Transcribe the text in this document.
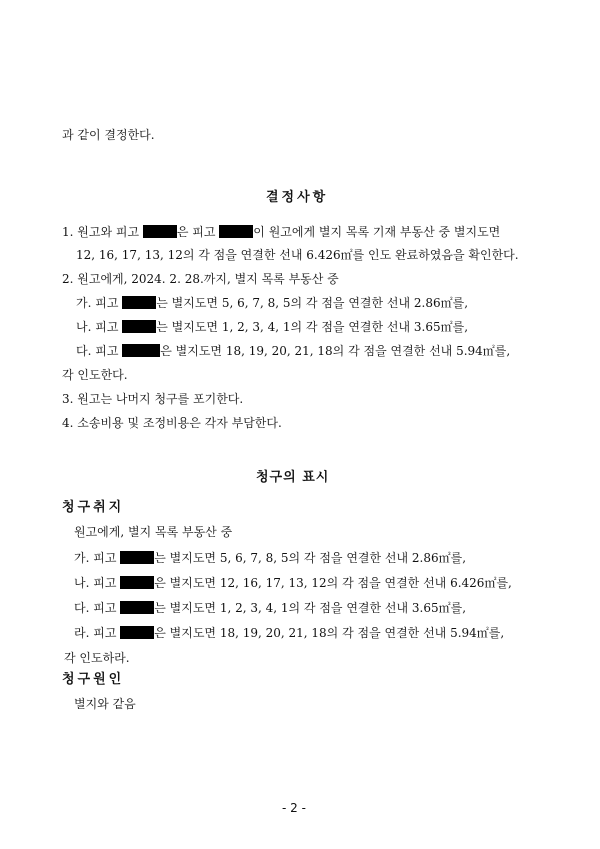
과 같이 결정한다.
결정사항
1. 원고와 피고	은 피고	이 원고에게 별지 목록 기재 부동산 중 별지도면
12, 16, 17, 13, 12의 각 점을 연결한 선내 6.426㎡를 인도 완료하였음을 확인한다.
2. 원고에게, 2024. 2. 28.까지, 별지 목록 부동산 중
가. 피고	는 별지도면 5, 6, 7, 8, 5의 각 점을 연결한 선내 2.86㎡를,
나. 피고	는 별지도면 1, 2, 3, 4, 1의 각 점을 연결한 선내 3.65㎡를,
다. 피고	은 별지도면 18, 19, 20, 21, 18의 각 점을 연결한 선내 5.94㎡를,
각 인도한다.
3. 원고는 나머지 청구를 포기한다.
4. 소송비용 및 조정비용은 각자 부담한다.
청구의 표시
청구취지
원고에게, 별지 목록 부동산 중
가. 피고	는 별지도면 5, 6, 7, 8, 5의 각 점을 연결한 선내 2.86㎡를,
나. 피고	은 별지도면 12, 16, 17, 13, 12의 각 점을 연결한 선내 6.426㎡를,
다. 피고	는 별지도면 1, 2, 3, 4, 1의 각 점을 연결한 선내 3.65㎡를,
라. 피고	은 별지도면 18, 19, 20, 21, 18의 각 점을 연결한 선내 5.94㎡를,
각 인도하라.
청구원인
별지와 같음
- 2 -
